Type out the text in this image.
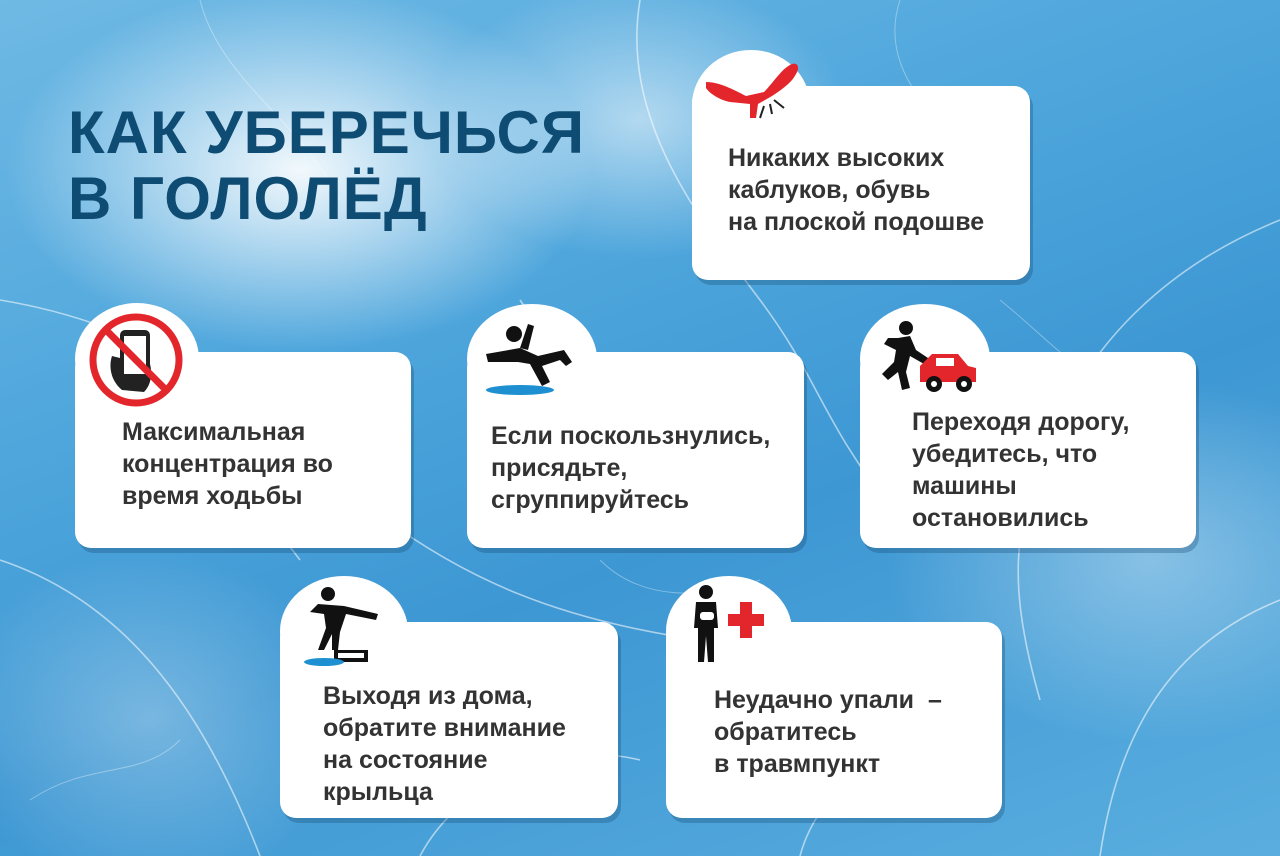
КАК УБЕРЕЧЬСЯ
В ГОЛОЛЁД

Никаких высоких
каблуков, обувь
на плоской подошве

Максимальная
концентрация во
время ходьбы

Если поскользнулись,
присядьте,
сгруппируйтесь

Переходя дорогу,
убедитесь, что
машины
остановились

Выходя из дома,
обратите внимание
на состояние
крыльца

Неудачно упали  –
обратитесь
в травмпункт
